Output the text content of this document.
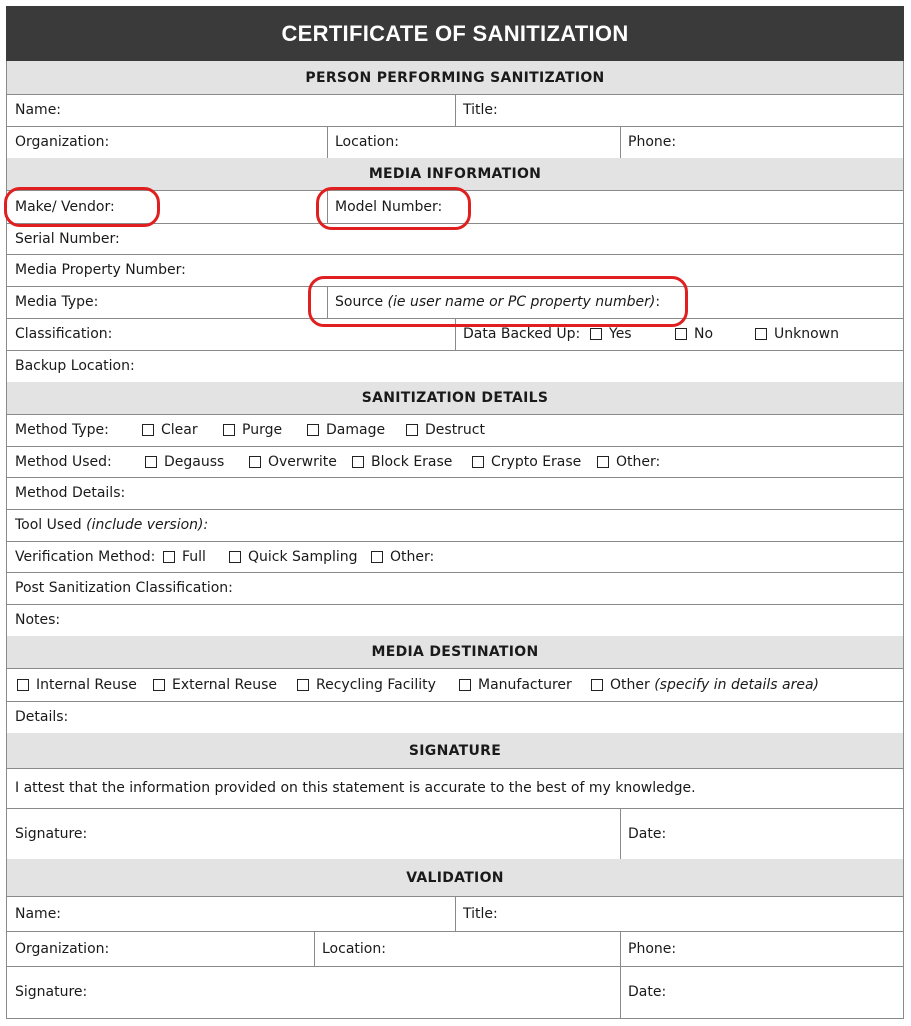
CERTIFICATE OF SANITIZATION
PERSON PERFORMING SANITIZATION
Name:	Title:
Organization:	Location:	Phone:
MEDIA INFORMATION
Make/ Vendor:	Model Number:
Serial Number:
Media Property Number:
Media Type:	Source
(ie user name or PC property number) :
Classification:	Data Backed Up:	Yes	No	Unknown
Backup Location:
SANITIZATION DETAILS
Method Type:	Clear	Purge	Damage	Destruct
Method Used:	Degauss	Overwrite Block Erase	Crypto Erase Other:
Method Details:
Tool Used
(include version):
Verification Method: Full	Quick Sampling Other:
Post Sanitization Classification:
Notes:
MEDIA DESTINATION
Internal Reuse	External Reuse	Recycling Facility	Manufacturer	Other
(specify in details area)
Details:
SIGNATURE
I attest that the information provided on this statement is accurate to the best of my knowledge.
Signature:	Date:
VALIDATION
Name:	Title:
Organization:	Location:	Phone:
Signature:	Date:
